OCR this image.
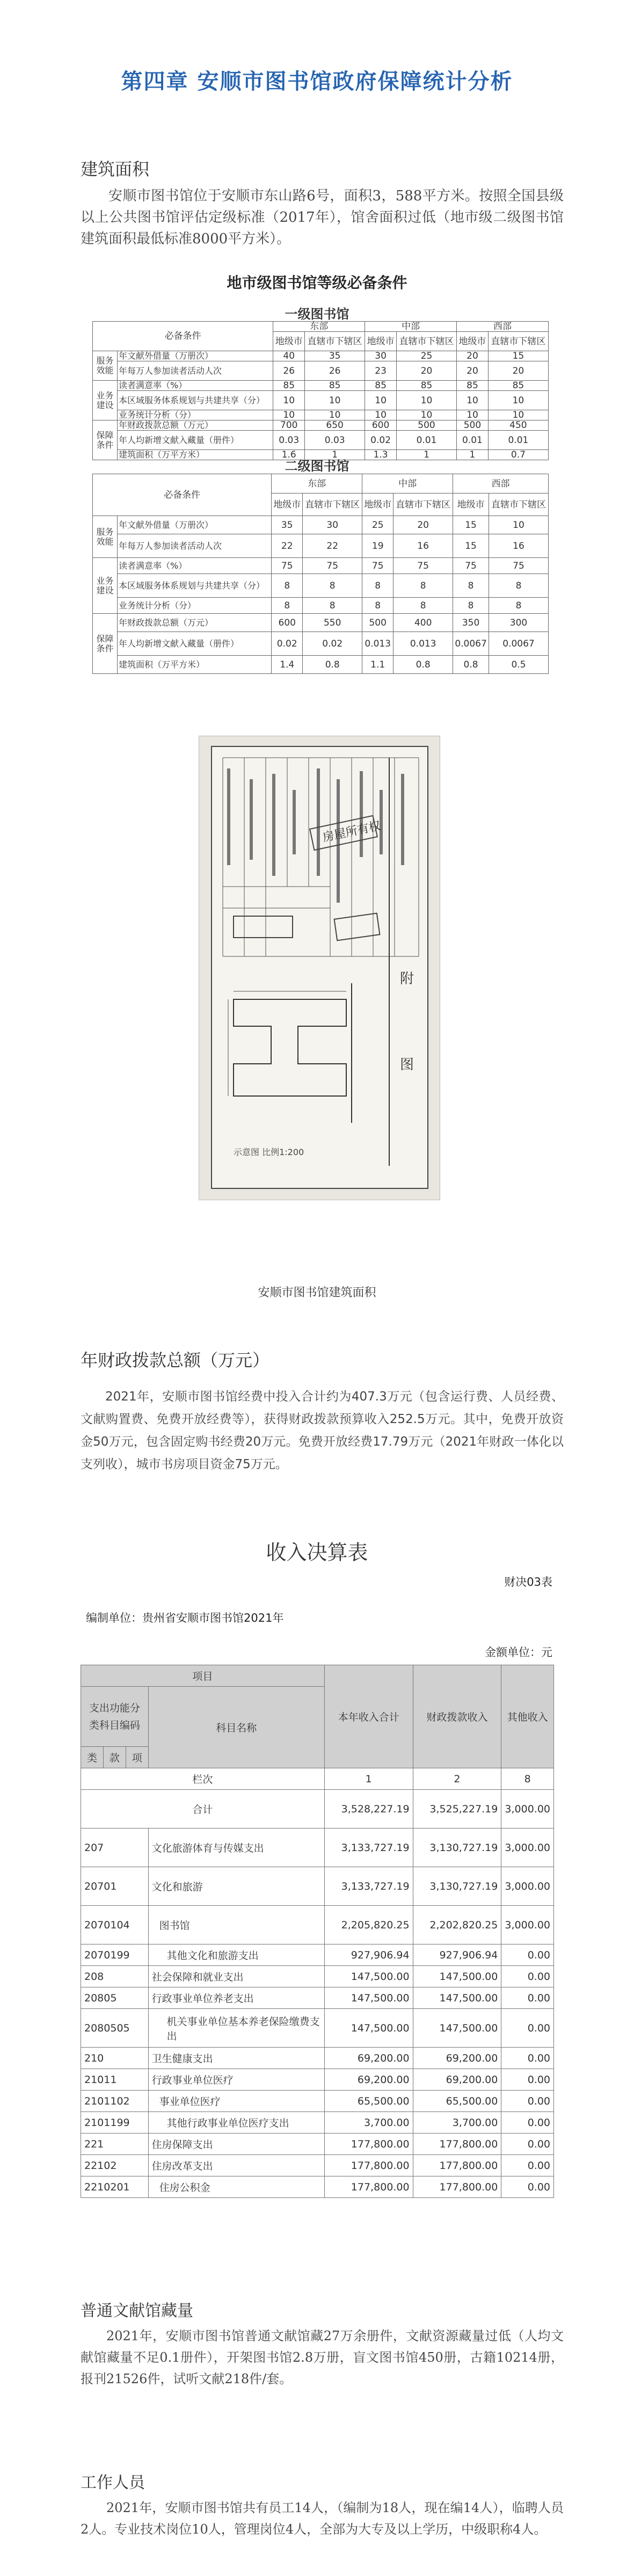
第四章 安顺市图书馆政府保障统计分析
建筑面积
安顺市图书馆位于安顺市东山路6号，面积3，588平方米。按照全国县级以上公共图书馆评估定级标准（2017年），馆舍面积过低（地市级二级图书馆建筑面积最低标准8000平方米）。
地市级图书馆等级必备条件
一级图书馆
必备条件		东部		中部		西部	
		地级市	直辖市下辖区	地级市	直辖市下辖区	地级市	直辖市下辖区
服务效能	年文献外借量（万册次）	40	35	30	25	20	15
	年每万人参加读者活动人次	26	26	23	20	20	20
业务建设	读者满意率（%）	85	85	85	85	85	85
	本区域服务体系规划与共建共享（分）	10	10	10	10	10	10
	业务统计分析（分）	10	10	10	10	10	10
保障条件	年财政拨款总额（万元）	700	650	600	500	500	450
	年人均新增文献入藏量（册件）	0.03	0.03	0.02	0.01	0.01	0.01
	建筑面积（万平方米）	1.6	1	1.3	1	1	0.7
二级图书馆
必备条件		东部		中部		西部	
		地级市	直辖市下辖区	地级市	直辖市下辖区	地级市	直辖市下辖区
服务效能	年文献外借量（万册次）	35	30	25	20	15	10
	年每万人参加读者活动人次	22	22	19	16	15	16
业务建设	读者满意率（%）	75	75	75	75	75	75
	本区域服务体系规划与共建共享（分）	8	8	8	8	8	8
	业务统计分析（分）	8	8	8	8	8	8
保障条件	年财政拨款总额（万元）	600	550	500	400	350	300
	年人均新增文献入藏量（册件）	0.02	0.02	0.013	0.013	0.0067	0.0067
	建筑面积（万平方米）	1.4	0.8	1.1	0.8	0.8	0.5
房屋所有权
附
图
示意图 比例1:200
安顺市图书馆建筑面积
年财政拨款总额（万元）
2021年，安顺市图书馆经费中投入合计约为407.3万元（包含运行费、人员经费、文献购置费、免费开放经费等），获得财政拨款预算收入252.5万元。其中，免费开放资金50万元，包含固定购书经费20万元。免费开放经费17.79万元（2021年财政一体化以支列收），城市书房项目资金75万元。
收入决算表
财决03表
编制单位：贵州省安顺市图书馆2021年
金额单位：元
项目				本年收入合计	财政拨款收入	其他收入
支出功能分类科目编码			科目名称			
类	款	项				
栏次				1	2	8
合计				3,528,227.19	3,525,227.19	3,000.00
207			文化旅游体育与传媒支出	3,133,727.19	3,130,727.19	3,000.00
20701			文化和旅游	3,133,727.19	3,130,727.19	3,000.00
2070104			图书馆	2,205,820.25	2,202,820.25	3,000.00
2070199			其他文化和旅游支出	927,906.94	927,906.94	0.00
208			社会保障和就业支出	147,500.00	147,500.00	0.00
20805			行政事业单位养老支出	147,500.00	147,500.00	0.00
2080505			机关事业单位基本养老保险缴费支出	147,500.00	147,500.00	0.00
210			卫生健康支出	69,200.00	69,200.00	0.00
21011			行政事业单位医疗	69,200.00	69,200.00	0.00
2101102			事业单位医疗	65,500.00	65,500.00	0.00
2101199			其他行政事业单位医疗支出	3,700.00	3,700.00	0.00
221			住房保障支出	177,800.00	177,800.00	0.00
22102			住房改革支出	177,800.00	177,800.00	0.00
2210201			住房公积金	177,800.00	177,800.00	0.00
普通文献馆藏量
2021年，安顺市图书馆普通文献馆藏27万余册件，文献资源藏量过低（人均文献馆藏量不足0.1册件），开架图书馆2.8万册，盲文图书馆450册，古籍10214册，报刊21526件，试听文献218件/套。
工作人员
2021年，安顺市图书馆共有员工14人，（编制为18人，现在编14人），临聘人员2人。专业技术岗位10人，管理岗位4人，全部为大专及以上学历，中级职称4人。
